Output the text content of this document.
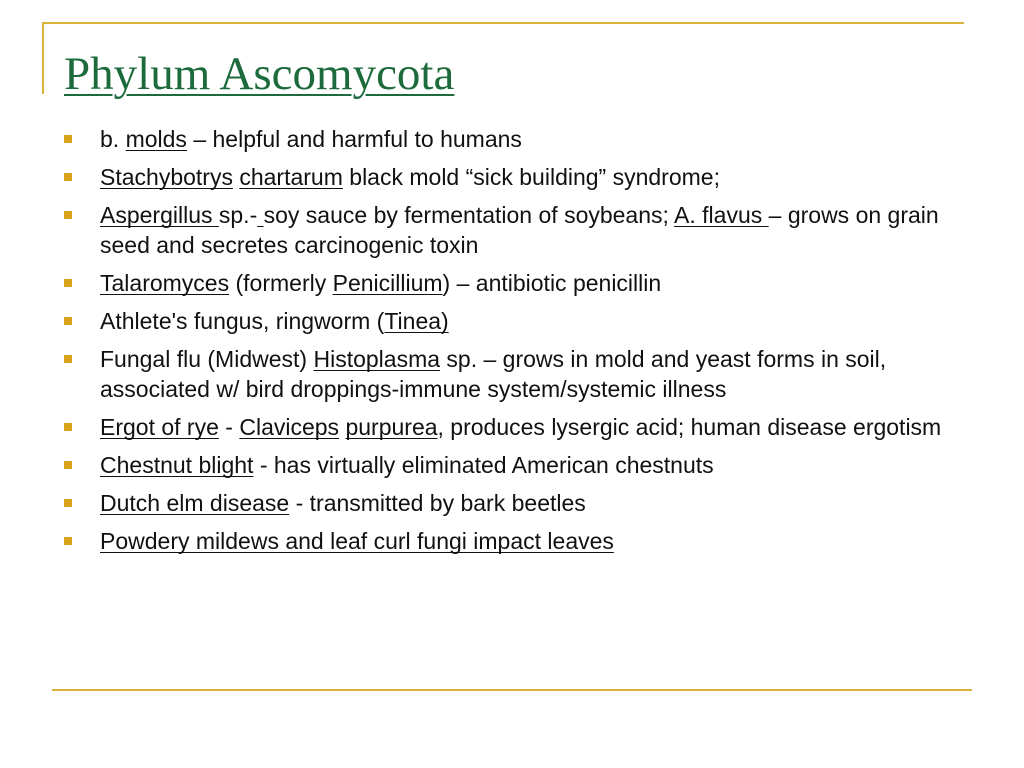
Phylum Ascomycota
b. molds – helpful and harmful to humans
Stachybotrys chartarum black mold “sick building” syndrome;
Aspergillus sp.- soy sauce by fermentation of soybeans; A. flavus – grows on grain seed and secretes carcinogenic toxin
Talaromyces (formerly Penicillium) – antibiotic penicillin
Athlete's fungus, ringworm (Tinea)
Fungal flu (Midwest) Histoplasma sp. – grows in mold and yeast forms in soil, associated w/ bird droppings-immune system/systemic illness
Ergot of rye - Claviceps purpurea, produces lysergic acid; human disease ergotism
Chestnut blight - has virtually eliminated American chestnuts
Dutch elm disease - transmitted by bark beetles
Powdery mildews and leaf curl fungi impact leaves
